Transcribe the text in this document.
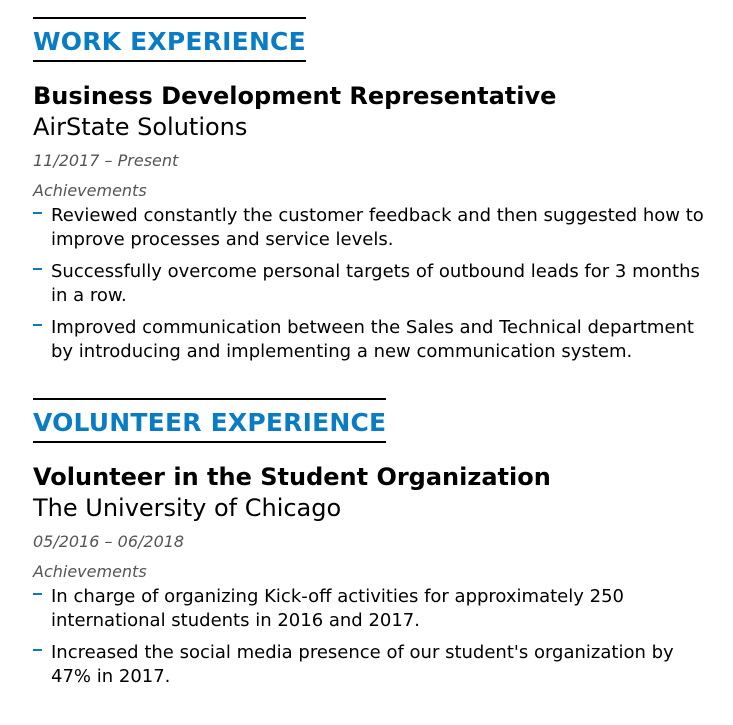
WORK EXPERIENCE
Business Development Representative
AirState Solutions
11/2017 – Present
Achievements
Reviewed constantly the customer feedback and then suggested how to improve processes and service levels.
Successfully overcome personal targets of outbound leads for 3 months in a row.
Improved communication between the Sales and Technical department by introducing and implementing a new communication system.
VOLUNTEER EXPERIENCE
Volunteer in the Student Organization
The University of Chicago
05/2016 – 06/2018
Achievements
In charge of organizing Kick-off activities for approximately 250 international students in 2016 and 2017.
Increased the social media presence of our student's organization by 47% in 2017.
